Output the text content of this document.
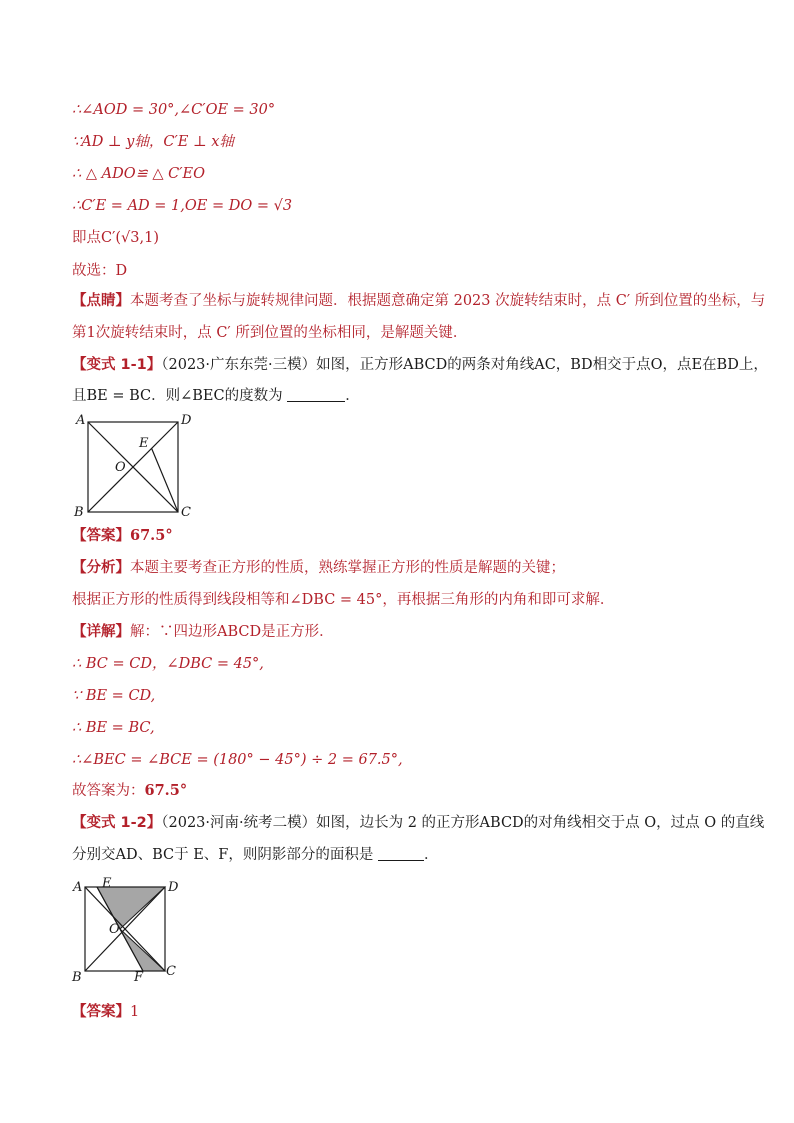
∴∠AOD = 30°,∠C′OE = 30°
∵AD ⊥ y轴，C′E ⊥ x轴
∴ △ ADO≌ △ C′EO
∴C′E = AD = 1,OE = DO = √3
即点C′(√3,1)
故选：D
【点睛】本题考查了坐标与旋转规律问题．根据题意确定第 2023 次旋转结束时，点 C′ 所到位置的坐标，与
第1次旋转结束时，点 C′ 所到位置的坐标相同，是解题关键．
【变式 1-1】（2023·广东东莞·三模）如图，正方形ABCD的两条对角线AC，BD相交于点O，点E在BD上，
且BE = BC．则∠BEC的度数为	．
A	D
B	C
E
O
【答案】67.5°
【分析】本题主要考查正方形的性质，熟练掌握正方形的性质是解题的关键；
根据正方形的性质得到线段相等和∠DBC = 45°，再根据三角形的内角和即可求解．
【详解】解：∵四边形ABCD是正方形．
∴ BC = CD，∠DBC = 45°,
∵ BE = CD,
∴ BE = BC,
∴∠BEC = ∠BCE = (180° − 45°) ÷ 2 = 67.5°,
故答案为：67.5°
【变式 1-2】（2023·河南·统考二模）如图，边长为 2 的正方形ABCD的对角线相交于点 O，过点 O 的直线
分别交AD、BC于 E、F，则阴影部分的面积是	．
A E	D
O
B	F C
【答案】1
